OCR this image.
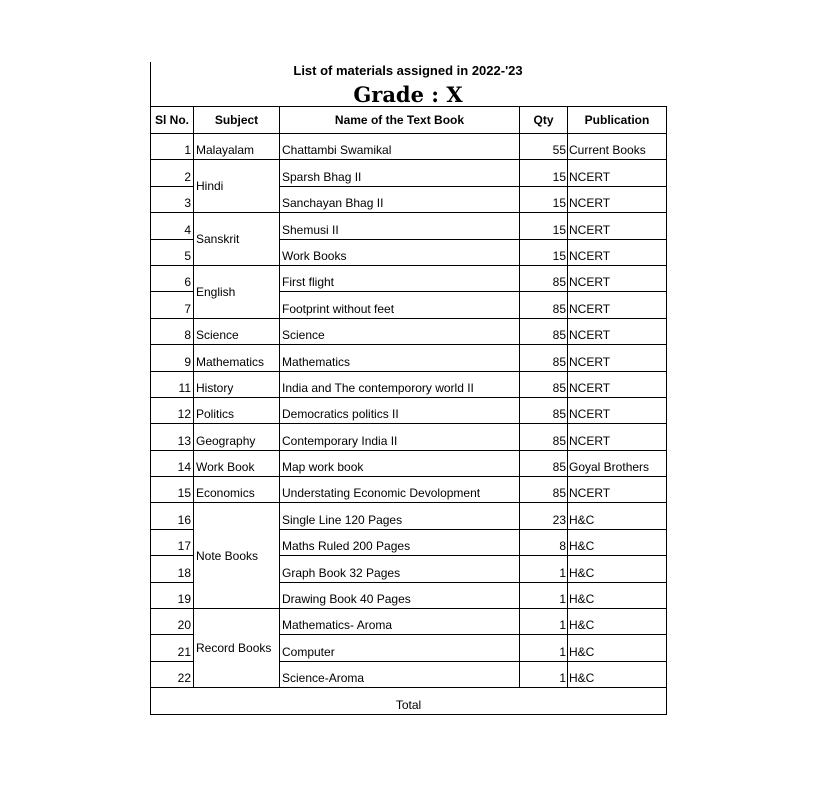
List of materials assigned in 2022-'23
Grade : X
Sl No.	Subject	Name of the Text Book	Qty	Publication
1	Malayalam	Chattambi Swamikal	55	Current Books
2	Hindi	Sparsh Bhag II	15	NCERT
3		Sanchayan Bhag II	15	NCERT
4	Sanskrit	Shemusi II	15	NCERT
5		Work Books	15	NCERT
6	English	First flight	85	NCERT
7		Footprint without feet	85	NCERT
8	Science	Science	85	NCERT
9	Mathematics	Mathematics	85	NCERT
11	History	India and The contemporory world II	85	NCERT
12	Politics	Democratics politics II	85	NCERT
13	Geography	Contemporary India II	85	NCERT
14	Work Book	Map work book	85	Goyal Brothers
15	Economics	Understating Economic Devolopment	85	NCERT
16	Note Books	Single Line 120 Pages	23	H&C
17		Maths Ruled 200 Pages	8	H&C
18		Graph Book 32 Pages	1	H&C
19		Drawing Book 40 Pages	1	H&C
20	Record Books	Mathematics- Aroma	1	H&C
21		Computer	1	H&C
22		Science-Aroma	1	H&C
Total				
